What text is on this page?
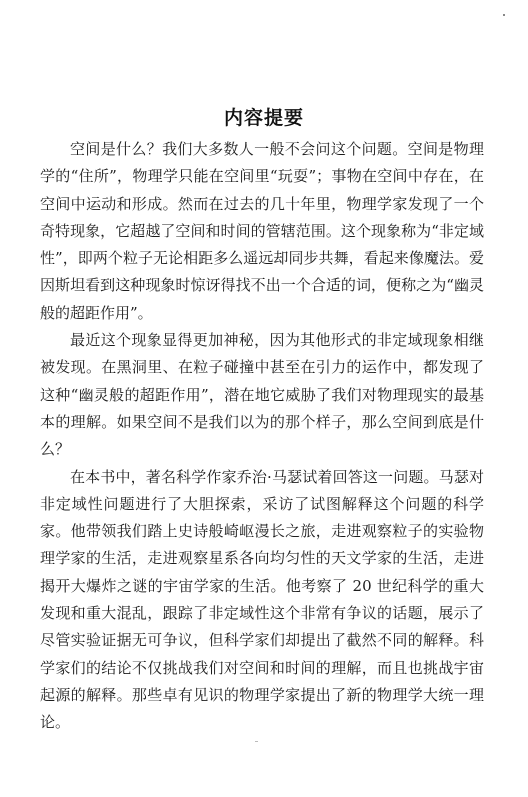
内容提要

空间是什么？我们大多数人一般不会问这个问题。空间是物理学的“住所”，物理学只能在空间里“玩耍”；事物在空间中存在，在空间中运动和形成。然而在过去的几十年里，物理学家发现了一个奇特现象，它超越了空间和时间的管辖范围。这个现象称为“非定域性”，即两个粒子无论相距多么遥远却同步共舞，看起来像魔法。爱因斯坦看到这种现象时惊讶得找不出一个合适的词，便称之为“幽灵般的超距作用”。

最近这个现象显得更加神秘，因为其他形式的非定域现象相继被发现。在黑洞里、在粒子碰撞中甚至在引力的运作中，都发现了这种“幽灵般的超距作用”，潜在地它威胁了我们对物理现实的最基本的理解。如果空间不是我们以为的那个样子，那么空间到底是什么？

在本书中，著名科学作家乔治·马瑟试着回答这一问题。马瑟对非定域性问题进行了大胆探索，采访了试图解释这个问题的科学家。他带领我们踏上史诗般崎岖漫长之旅，走进观察粒子的实验物理学家的生活，走进观察星系各向均匀性的天文学家的生活，走进揭开大爆炸之谜的宇宙学家的生活。他考察了 20 世纪科学的重大发现和重大混乱，跟踪了非定域性这个非常有争议的话题，展示了尽管实验证据无可争议，但科学家们却提出了截然不同的解释。科学家们的结论不仅挑战我们对空间和时间的理解，而且也挑战宇宙起源的解释。那些卓有见识的物理学家提出了新的物理学大统一理论。
